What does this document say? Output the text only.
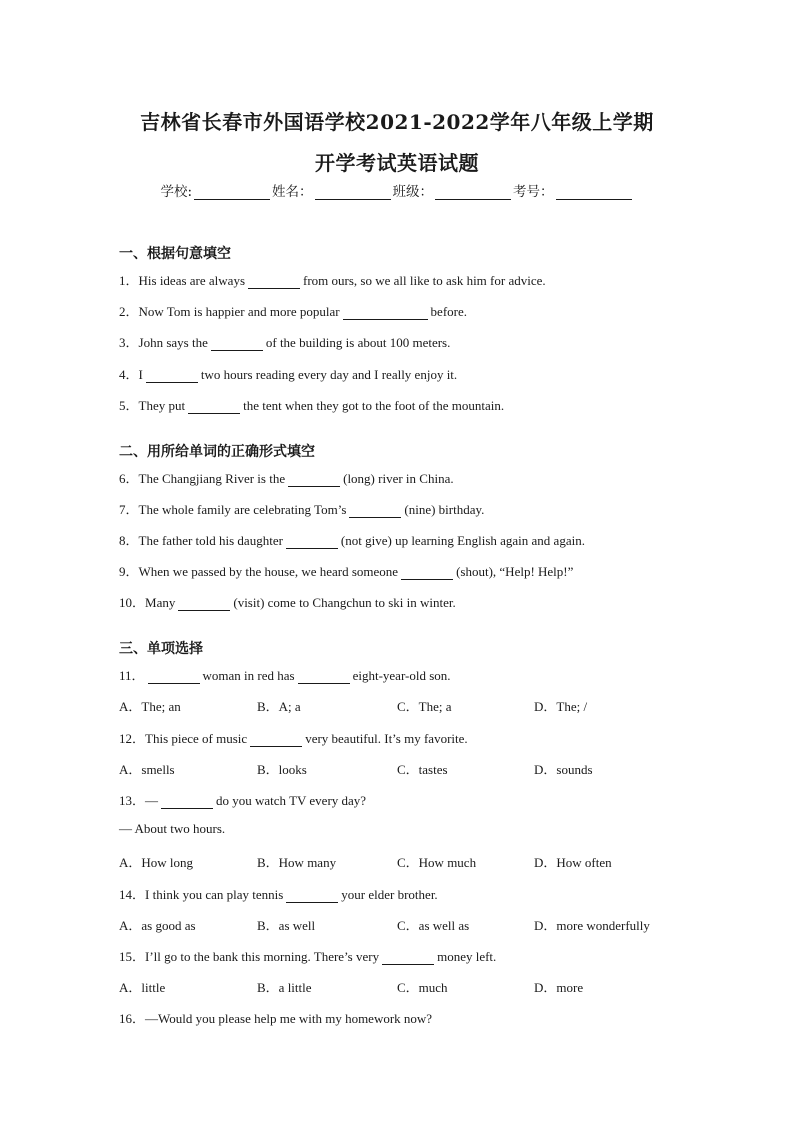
吉林省长春市外国语学校2021-2022学年八年级上学期
开学考试英语试题
学校:	姓名：	班级：	考号：
一、根据句意填空
1．His ideas are always	from ours, so we all like to ask him for advice.
2．Now Tom is happier and more popular	before.
3．John says the	of the building is about 100 meters.
4．I	two hours reading every day and I really enjoy it.
5．They put	the tent when they got to the foot of the mountain.
二、用所给单词的正确形式填空
6．The Changjiang River is the	(long) river in China.
7．The whole family are celebrating Tom’s	(nine) birthday.
8．The father told his daughter	(not give) up learning English again and again.
9．When we passed by the house, we heard someone	(shout), “Help! Help!”
10．Many	(visit) come to Changchun to ski in winter.
三、单项选择
11．	woman in red has	eight-year-old son.
A．The; an	B．A; a	C．The; a	D．The; /
12．This piece of music	very beautiful. It’s my favorite.
A．smells	B．looks	C．tastes	D．sounds
13．—	do you watch TV every day?
— About two hours.
A．How long	B．How many	C．How much	D．How often
14．I think you can play tennis	your elder brother.
A．as good as	B．as well	C．as well as	D．more wonderfully
15．I’ll go to the bank this morning. There’s very	money left.
A．little	B．a little	C．much	D．more
16．—Would you please help me with my homework now?
